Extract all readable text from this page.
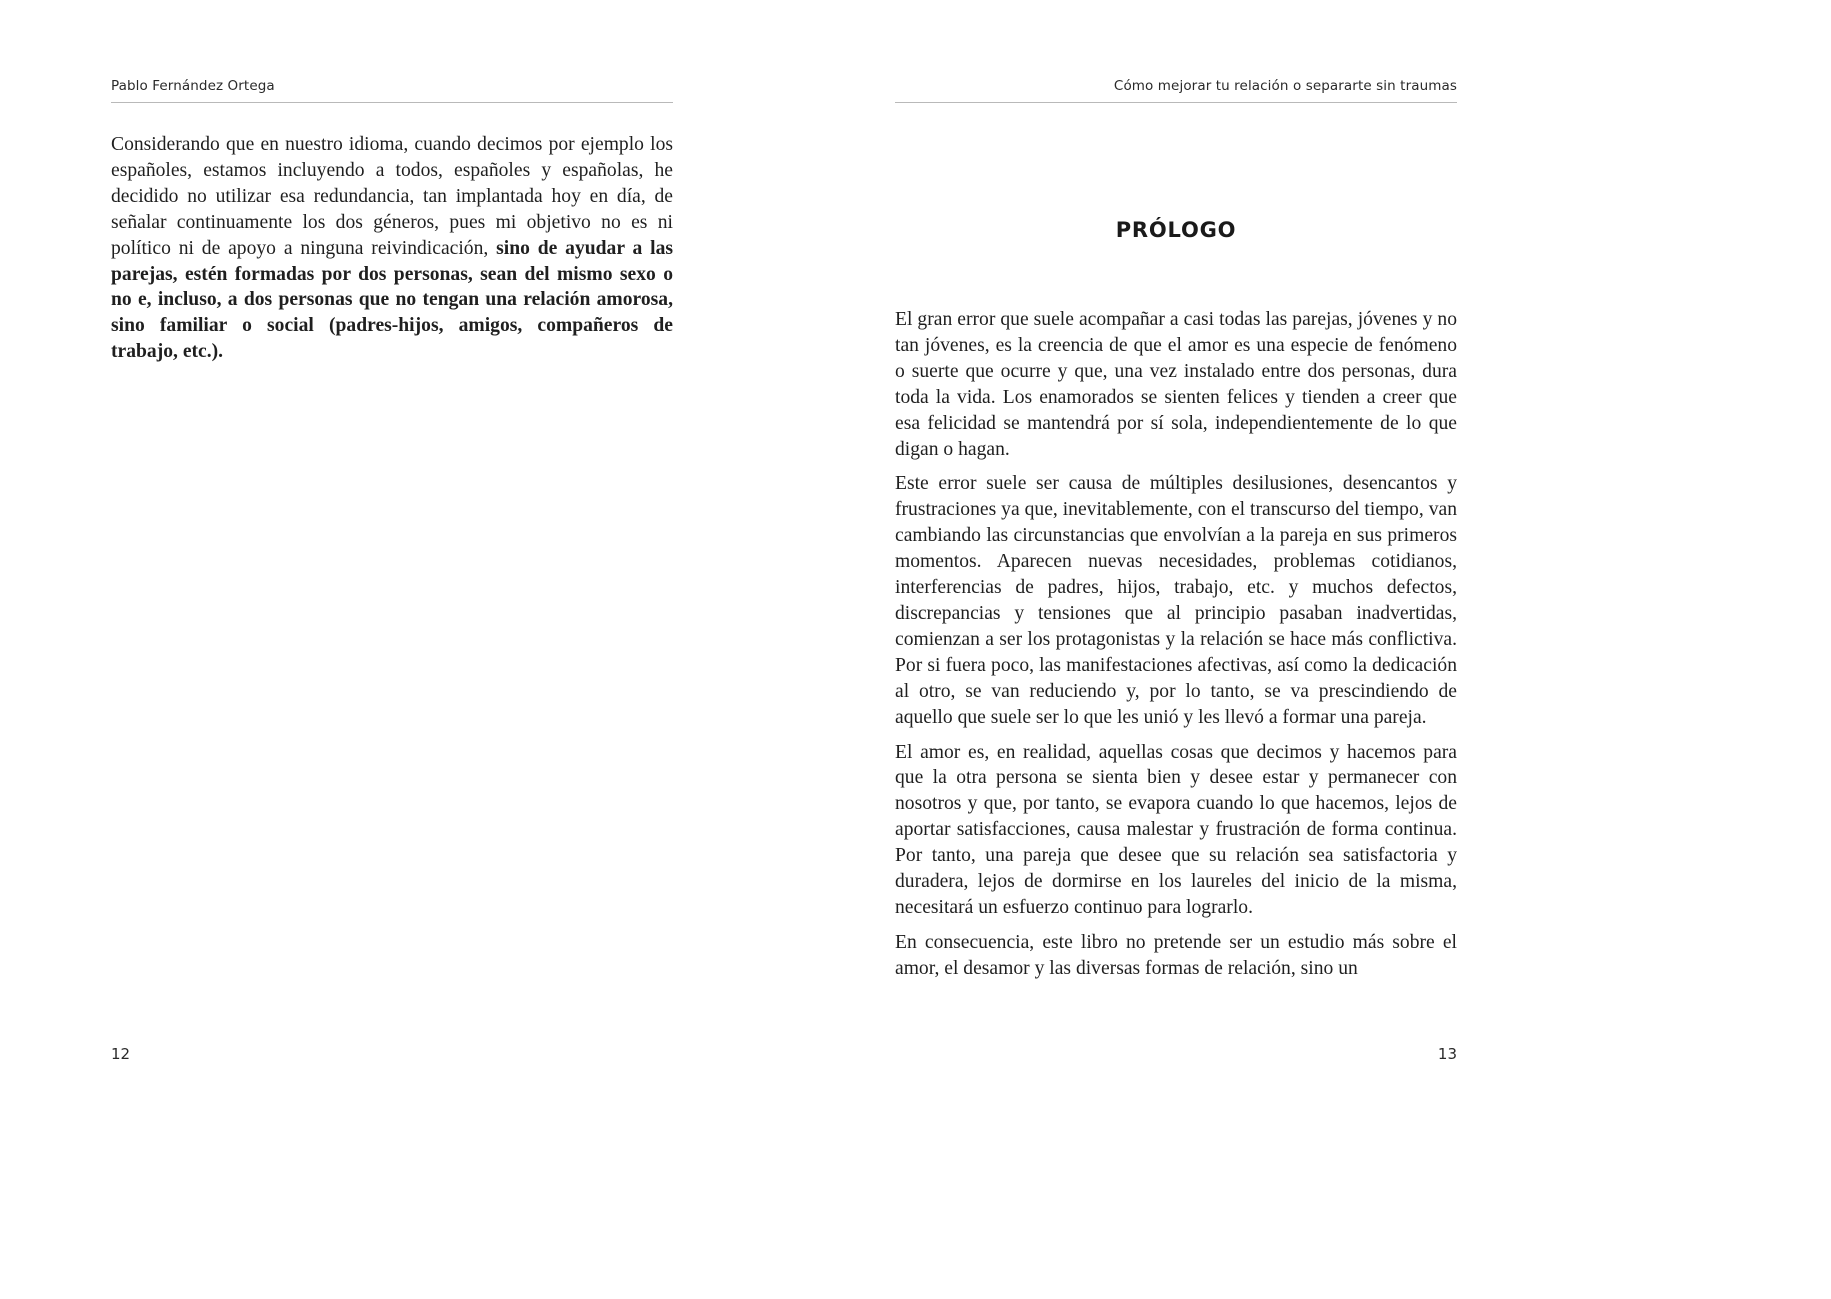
Pablo Fernández Ortega

Considerando que en nuestro idioma, cuando decimos por ejemplo los españoles, estamos incluyendo a todos, españoles y españolas, he decidido no utilizar esa redundancia, tan implantada hoy en día, de señalar continuamente los dos géneros, pues mi objetivo no es ni político ni de apoyo a ninguna reivindicación, sino de ayudar a las parejas, estén formadas por dos personas, sean del mismo sexo o no e, incluso, a dos personas que no tengan una relación amorosa, sino familiar o social (padres-hijos, amigos, compañeros de trabajo, etc.).

12
Cómo mejorar tu relación o separarte sin traumas
PRÓLOGO

El gran error que suele acompañar a casi todas las parejas, jóvenes y no tan jóvenes, es la creencia de que el amor es una especie de fenómeno o suerte que ocurre y que, una vez instalado entre dos personas, dura toda la vida. Los enamorados se sienten felices y tienden a creer que esa felicidad se mantendrá por sí sola, independientemente de lo que digan o hagan.

Este error suele ser causa de múltiples desilusiones, desencantos y frustraciones ya que, inevitablemente, con el transcurso del tiempo, van cambiando las circunstancias que envolvían a la pareja en sus primeros momentos. Aparecen nuevas necesidades, problemas cotidianos, interferencias de padres, hijos, trabajo, etc. y muchos defectos, discrepancias y tensiones que al principio pasaban inadvertidas, comienzan a ser los protagonistas y la relación se hace más conflictiva. Por si fuera poco, las manifestaciones afectivas, así como la dedicación al otro, se van reduciendo y, por lo tanto, se va prescindiendo de aquello que suele ser lo que les unió y les llevó a formar una pareja.

El amor es, en realidad, aquellas cosas que decimos y hacemos para que la otra persona se sienta bien y desee estar y permanecer con nosotros y que, por tanto, se evapora cuando lo que hacemos, lejos de aportar satisfacciones, causa malestar y frustración de forma continua. Por tanto, una pareja que desee que su relación sea satisfactoria y duradera, lejos de dormirse en los laureles del inicio de la misma, necesitará un esfuerzo continuo para lograrlo.

En consecuencia, este libro no pretende ser un estudio más sobre el amor, el desamor y las diversas formas de relación, sino un

13
